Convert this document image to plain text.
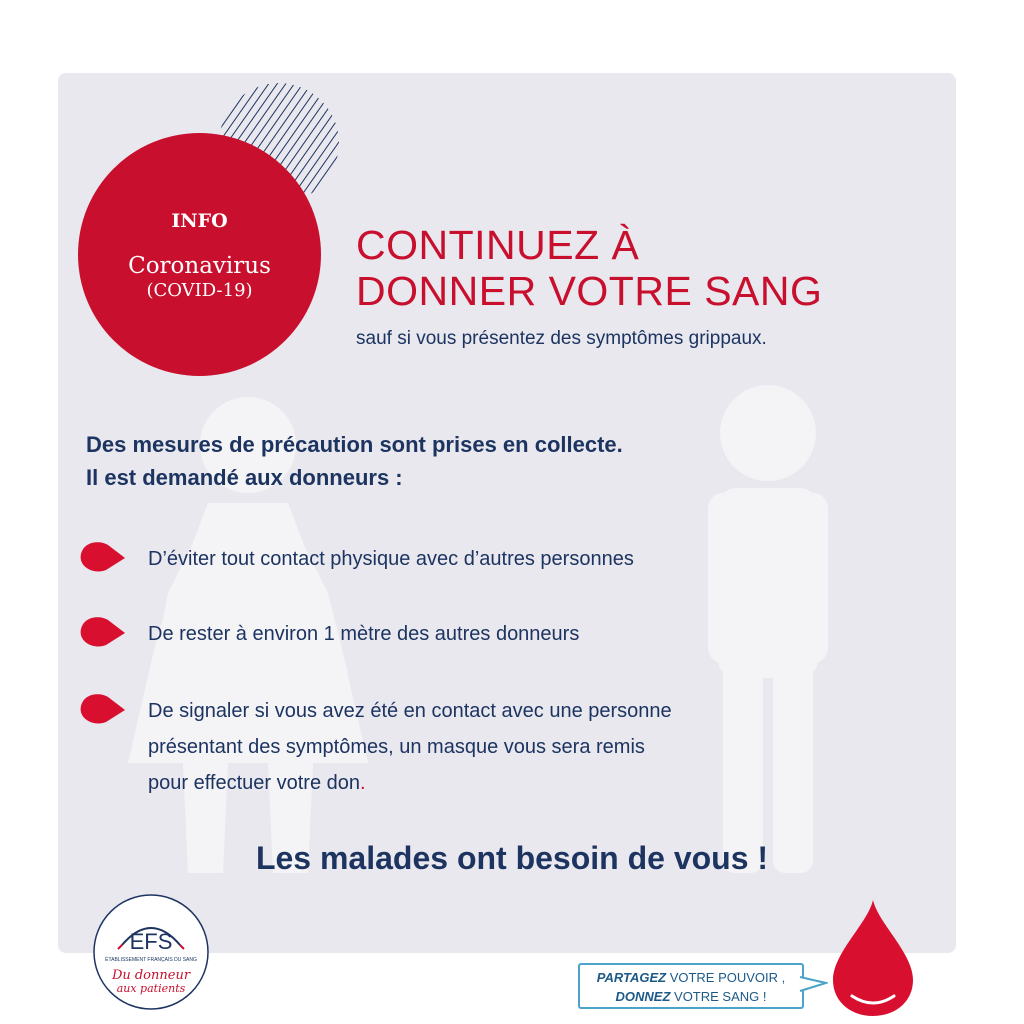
INFO
Coronavirus
(COVID-19)
CONTINUEZ À
DONNER VOTRE SANG
sauf si vous présentez des symptômes grippaux.
Des mesures de précaution sont prises en collecte.
Il est demandé aux donneurs :
D’éviter tout contact physique avec d’autres personnes
De rester à environ 1 mètre des autres donneurs
De signaler si vous avez été en contact avec une personne
présentant des symptômes, un masque vous sera remis
pour effectuer votre don.
Les malades ont besoin de vous !
EFS
ÉTABLISSEMENT FRANÇAIS DU SANG
Du donneur
aux patients
PARTAGEZ VOTRE POUVOIR ,
DONNEZ VOTRE SANG !
